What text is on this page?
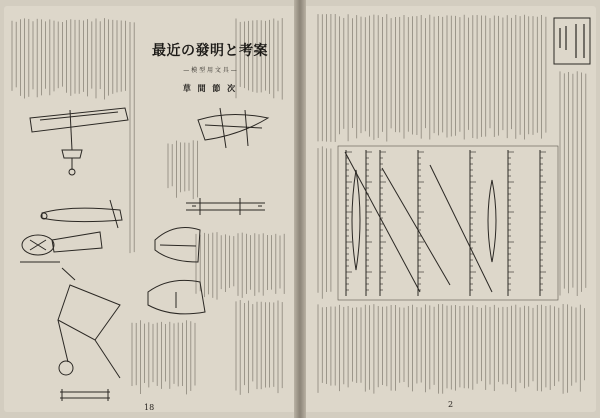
最近の發明と考案
— 模 型 用 文 具 —
草 間 節 次
18	2
